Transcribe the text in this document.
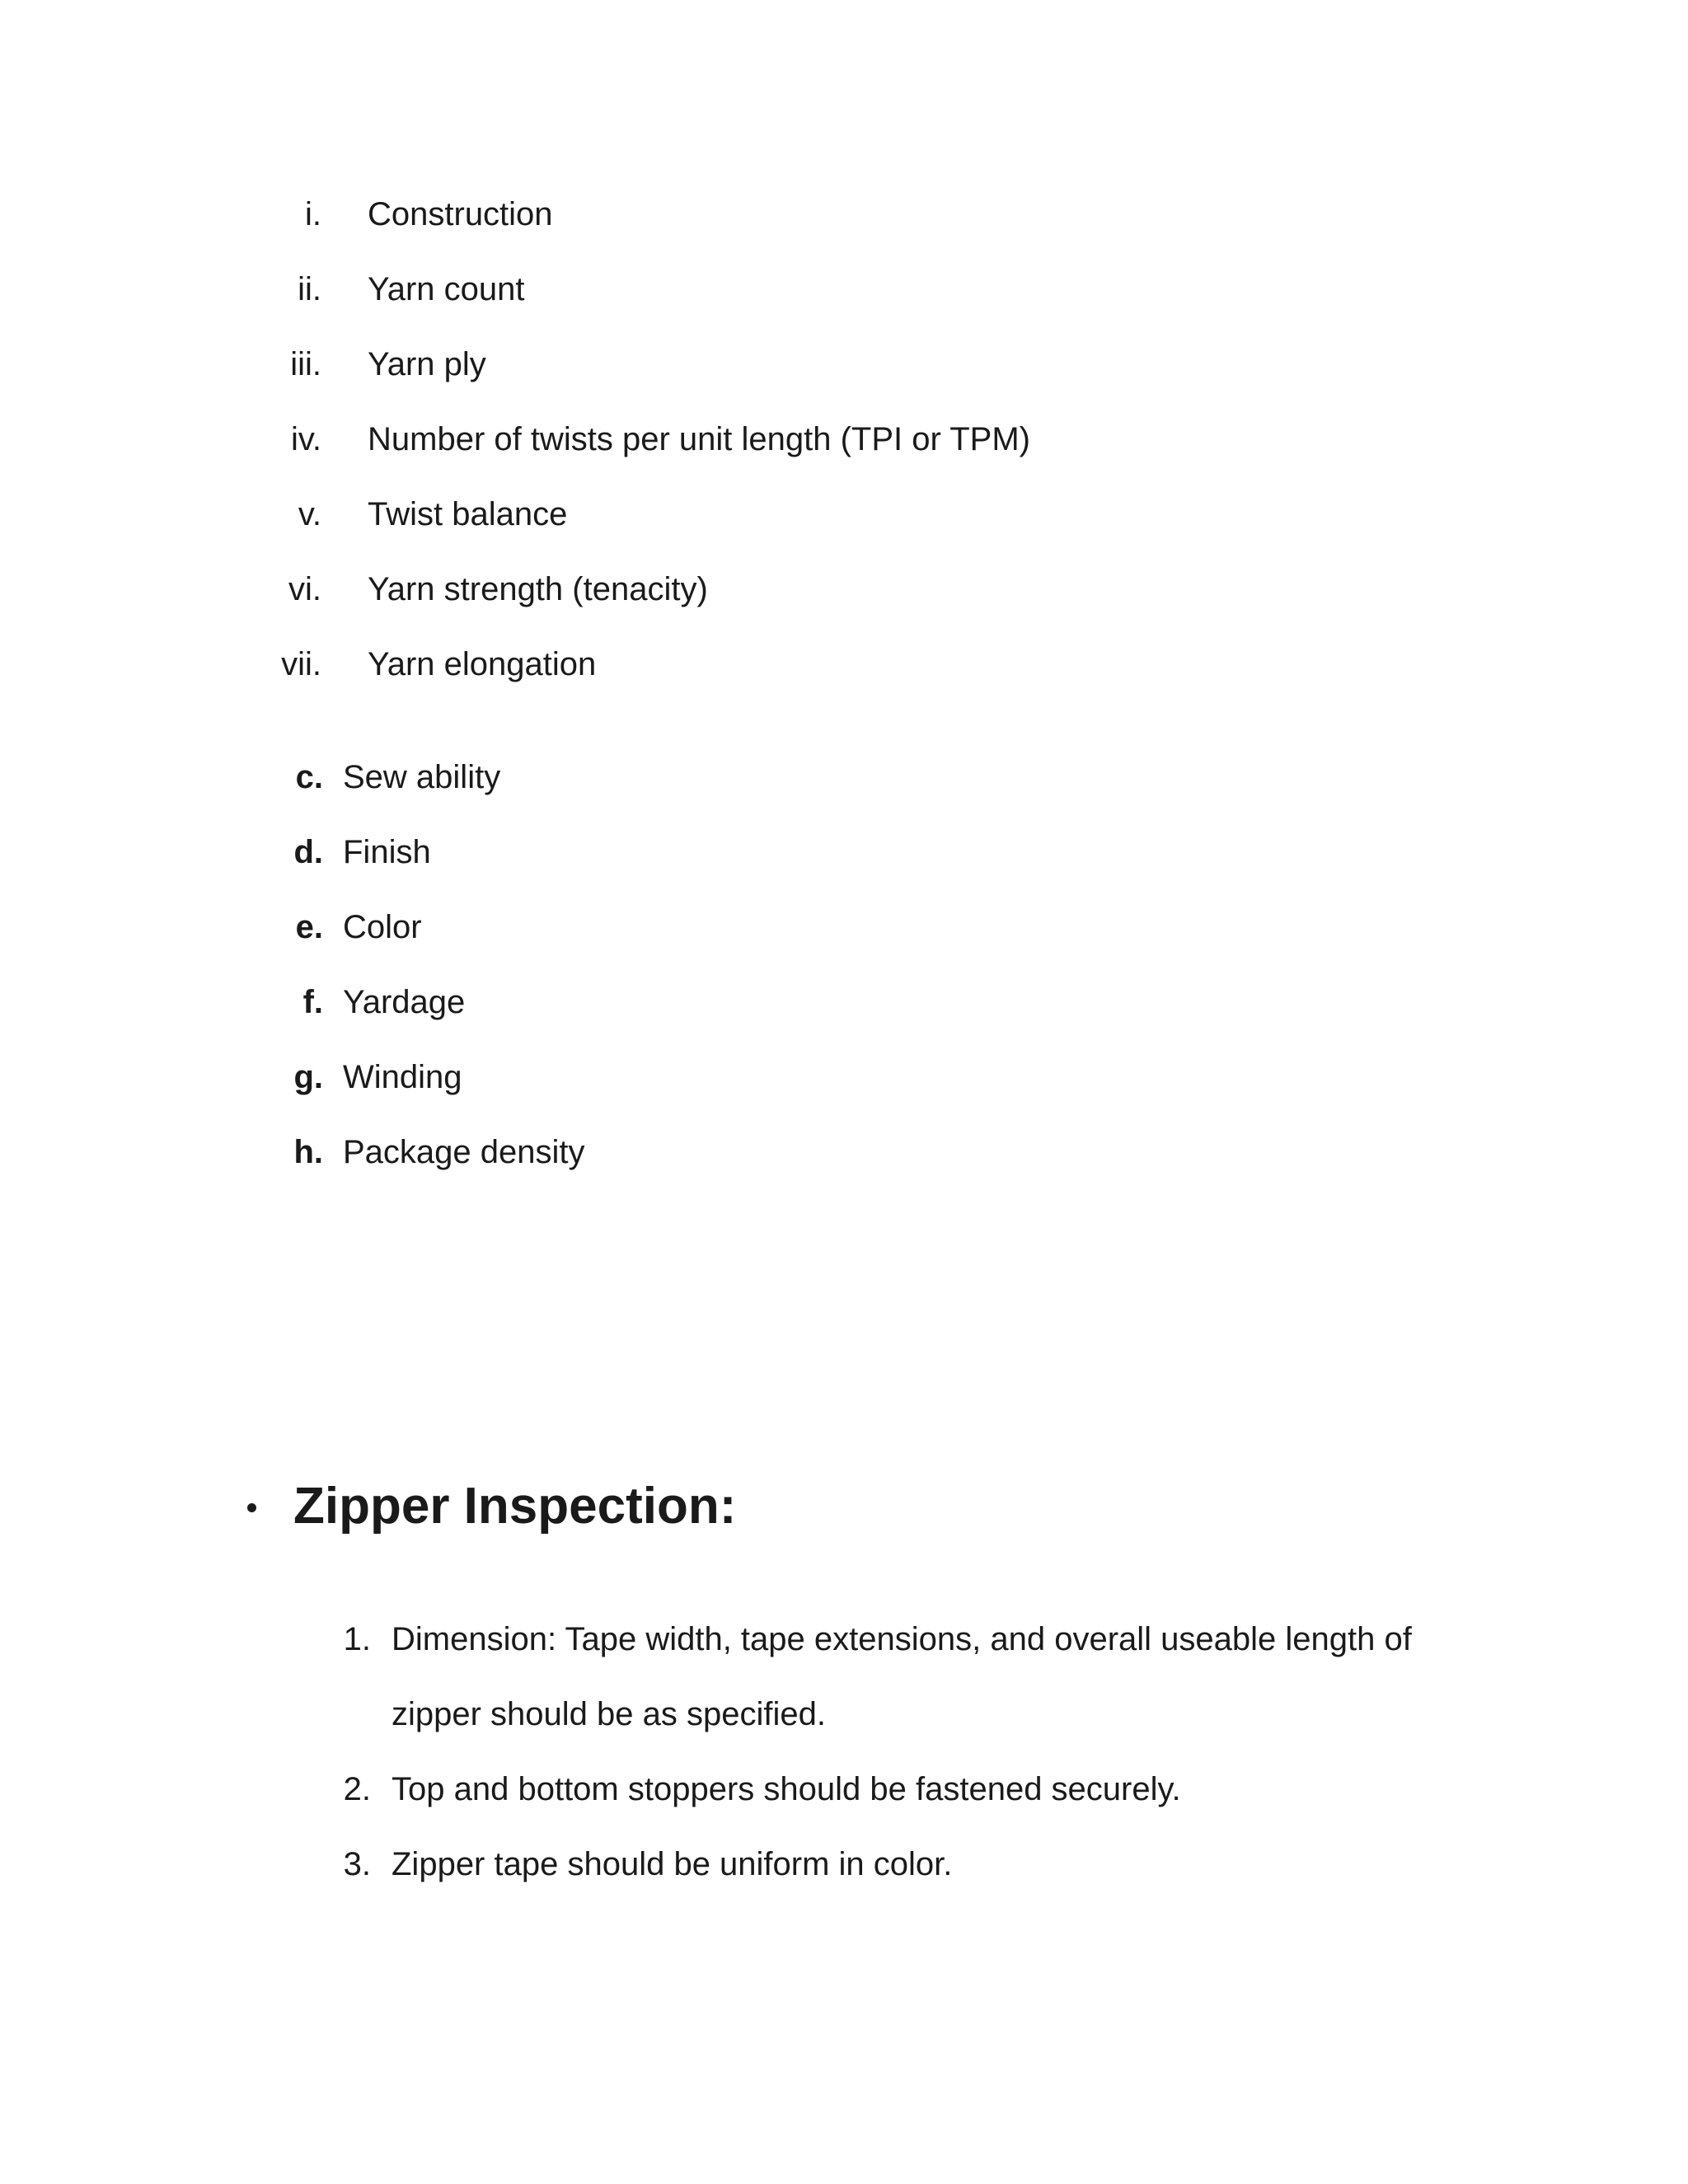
i. Construction
ii. Yarn count
iii. Yarn ply
iv. Number of twists per unit length (TPI or TPM)
v. Twist balance
vi. Yarn strength (tenacity)
vii. Yarn elongation
c. Sew ability
d. Finish
e. Color
f. Yardage
g. Winding
h. Package density
Zipper Inspection:
1. Dimension: Tape width, tape extensions, and overall useable length of zipper should be as specified.
2. Top and bottom stoppers should be fastened securely.
3. Zipper tape should be uniform in color.
